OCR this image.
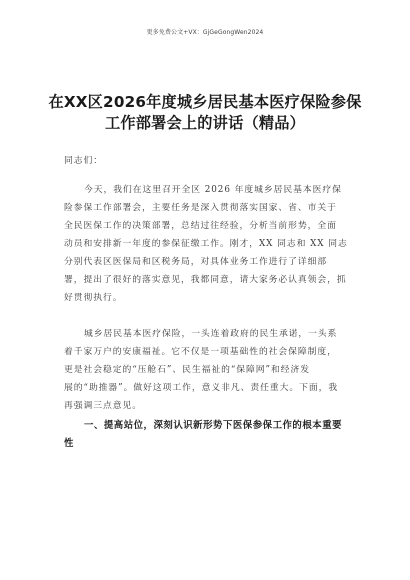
更多免费公文+VX：GjGeGongWen2024
在XX区2026年度城乡居民基本医疗保险参保
工作部署会上的讲话（精品）
同志们：
今天，我们在这里召开全区 2026 年度城乡居民基本医疗保
险参保工作部署会，主要任务是深入贯彻落实国家、省、市关于
全民医保工作的决策部署，总结过往经验，分析当前形势，全面
动员和安排新一年度的参保征缴工作。刚才，XX 同志和 XX 同志
分别代表区医保局和区税务局，对具体业务工作进行了详细部
署，提出了很好的落实意见，我都同意，请大家务必认真领会，抓
好贯彻执行。
城乡居民基本医疗保险，一头连着政府的民生承诺，一头系
着千家万户的安康福祉。它不仅是一项基础性的社会保障制度，
更是社会稳定的“压舱石”、民生福祉的“保障网”和经济发
展的“助推器”。做好这项工作，意义非凡、责任重大。下面，我
再强调三点意见。
一、提高站位，深刻认识新形势下医保参保工作的根本重要
性
